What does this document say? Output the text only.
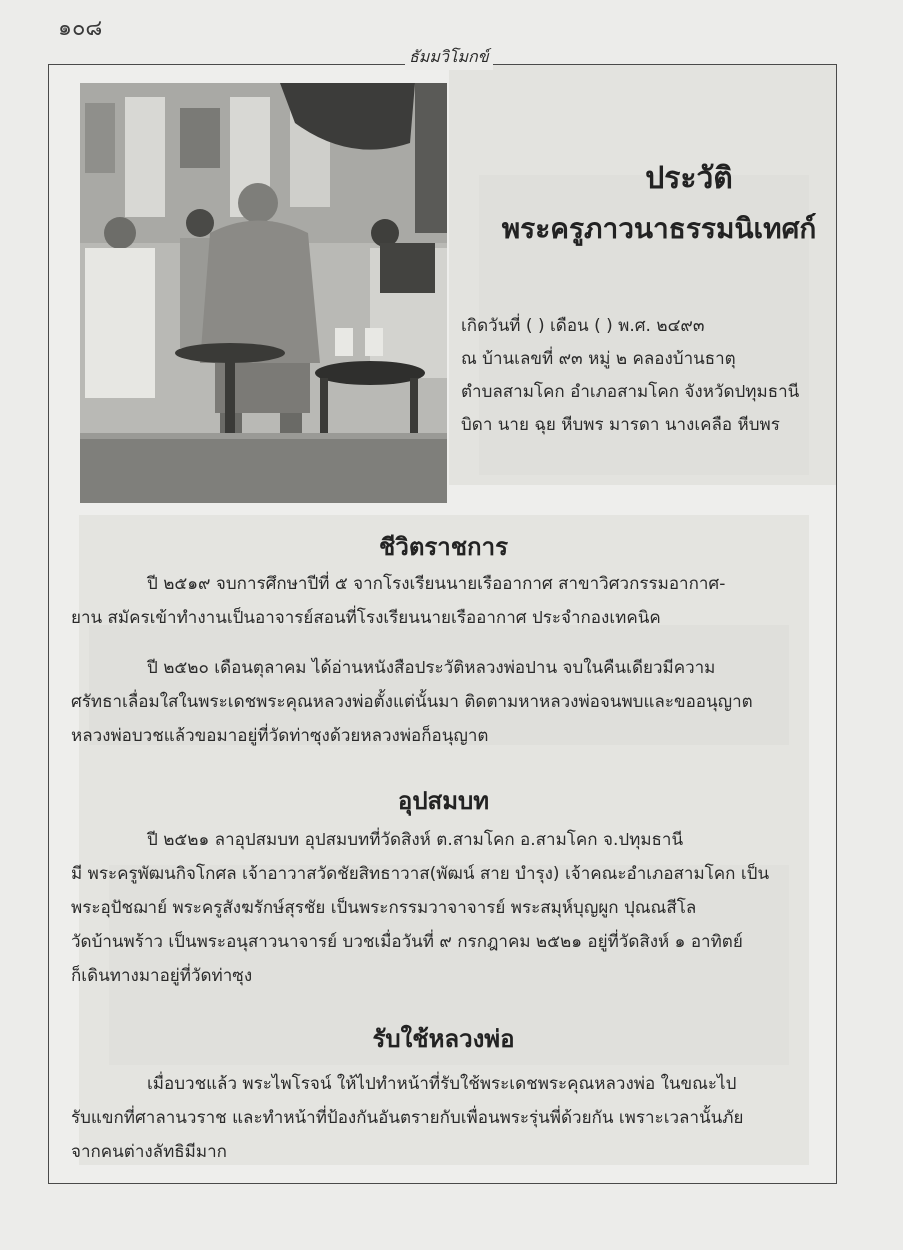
๑๐๘
ธัมมวิโมกข์
ประวัติ
พระครูภาวนาธรรมนิเทศก์
เกิดวันที่ ( ) เดือน ( ) พ.ศ. ๒๔๙๓
ณ บ้านเลขที่ ๙๓ หมู่ ๒ คลองบ้านธาตุ
ตำบลสามโคก อำเภอสามโคก จังหวัดปทุมธานี
บิดา นาย ฉุย หีบพร มารดา นางเคลือ หีบพร
ชีวิตราชการ
ปี ๒๕๑๙ จบการศึกษาปีที่ ๕ จากโรงเรียนนายเรืออากาศ สาขาวิศวกรรมอากาศ-
ยาน สมัครเข้าทำงานเป็นอาจารย์สอนที่โรงเรียนนายเรืออากาศ ประจำกองเทคนิค
ปี ๒๕๒๐ เดือนตุลาคม ได้อ่านหนังสือประวัติหลวงพ่อปาน จบในคืนเดียวมีความ
ศรัทธาเลื่อมใสในพระเดชพระคุณหลวงพ่อตั้งแต่นั้นมา ติดตามหาหลวงพ่อจนพบและขออนุญาต
หลวงพ่อบวชแล้วขอมาอยู่ที่วัดท่าซุงด้วยหลวงพ่อก็อนุญาต
อุปสมบท
ปี ๒๕๒๑ ลาอุปสมบท อุปสมบทที่วัดสิงห์ ต.สามโคก อ.สามโคก จ.ปทุมธานี
มี พระครูพัฒนกิจโกศล เจ้าอาวาสวัดชัยสิทธาวาส(พัฒน์ สาย บำรุง) เจ้าคณะอำเภอสามโคก เป็น
พระอุปัชฌาย์ พระครูสังฆรักษ์สุรชัย เป็นพระกรรมวาจาจารย์ พระสมุห์บุญผูก ปุณณสีโล
วัดบ้านพร้าว เป็นพระอนุสาวนาจารย์ บวชเมื่อวันที่ ๙ กรกฎาคม ๒๕๒๑ อยู่ที่วัดสิงห์ ๑ อาทิตย์
ก็เดินทางมาอยู่ที่วัดท่าซุง
รับใช้หลวงพ่อ
เมื่อบวชแล้ว พระไพโรจน์ ให้ไปทำหน้าที่รับใช้พระเดชพระคุณหลวงพ่อ ในขณะไป
รับแขกที่ศาลานวราช และทำหน้าที่ป้องกันอันตรายกับเพื่อนพระรุ่นพี่ด้วยกัน เพราะเวลานั้นภัย
จากคนต่างลัทธิมีมาก
